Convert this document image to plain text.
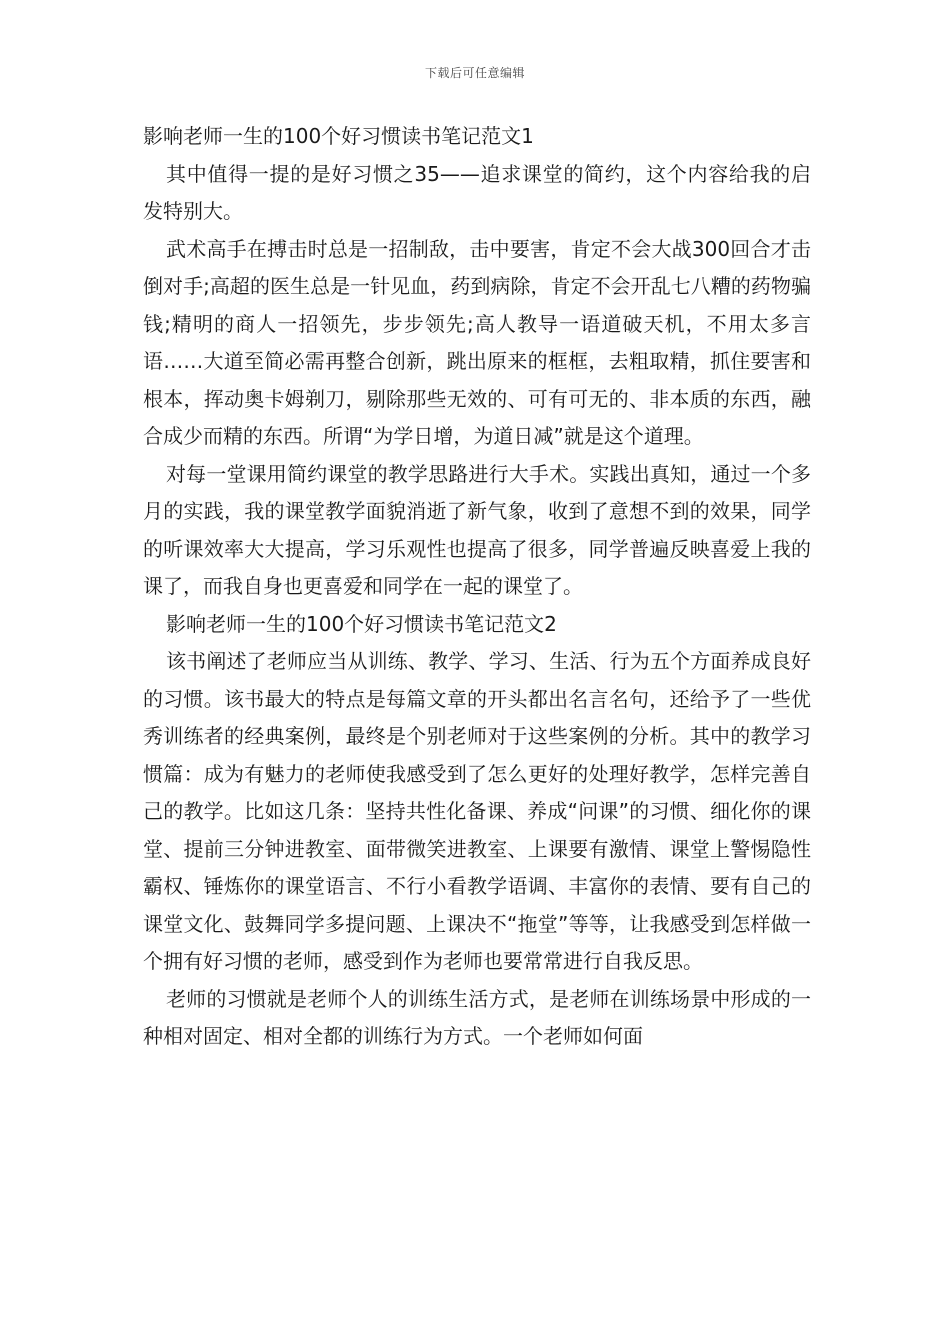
下载后可任意编辑

影响老师一生的100个好习惯读书笔记范文1

其中值得一提的是好习惯之35——追求课堂的简约，这个内容给我的启发特别大。

武术高手在搏击时总是一招制敌，击中要害，肯定不会大战300回合才击倒对手;高超的医生总是一针见血，药到病除，肯定不会开乱七八糟的药物骗钱;精明的商人一招领先，步步领先;高人教导一语道破天机，不用太多言语……大道至简必需再整合创新，跳出原来的框框，去粗取精，抓住要害和根本，挥动奥卡姆剃刀，剔除那些无效的、可有可无的、非本质的东西，融合成少而精的东西。所谓“为学日增，为道日减”就是这个道理。

对每一堂课用简约课堂的教学思路进行大手术。实践出真知，通过一个多月的实践，我的课堂教学面貌消逝了新气象，收到了意想不到的效果，同学的听课效率大大提高，学习乐观性也提高了很多，同学普遍反映喜爱上我的课了，而我自身也更喜爱和同学在一起的课堂了。

影响老师一生的100个好习惯读书笔记范文2

该书阐述了老师应当从训练、教学、学习、生活、行为五个方面养成良好的习惯。该书最大的特点是每篇文章的开头都出名言名句，还给予了一些优秀训练者的经典案例，最终是个别老师对于这些案例的分析。其中的教学习惯篇：成为有魅力的老师使我感受到了怎么更好的处理好教学，怎样完善自己的教学。比如这几条：坚持共性化备课、养成“问课”的习惯、细化你的课堂、提前三分钟进教室、面带微笑进教室、上课要有激情、课堂上警惕隐性霸权、锤炼你的课堂语言、不行小看教学语调、丰富你的表情、要有自己的课堂文化、鼓舞同学多提问题、上课决不“拖堂”等等，让我感受到怎样做一个拥有好习惯的老师，感受到作为老师也要常常进行自我反思。

老师的习惯就是老师个人的训练生活方式，是老师在训练场景中形成的一种相对固定、相对全都的训练行为方式。一个老师如何面
